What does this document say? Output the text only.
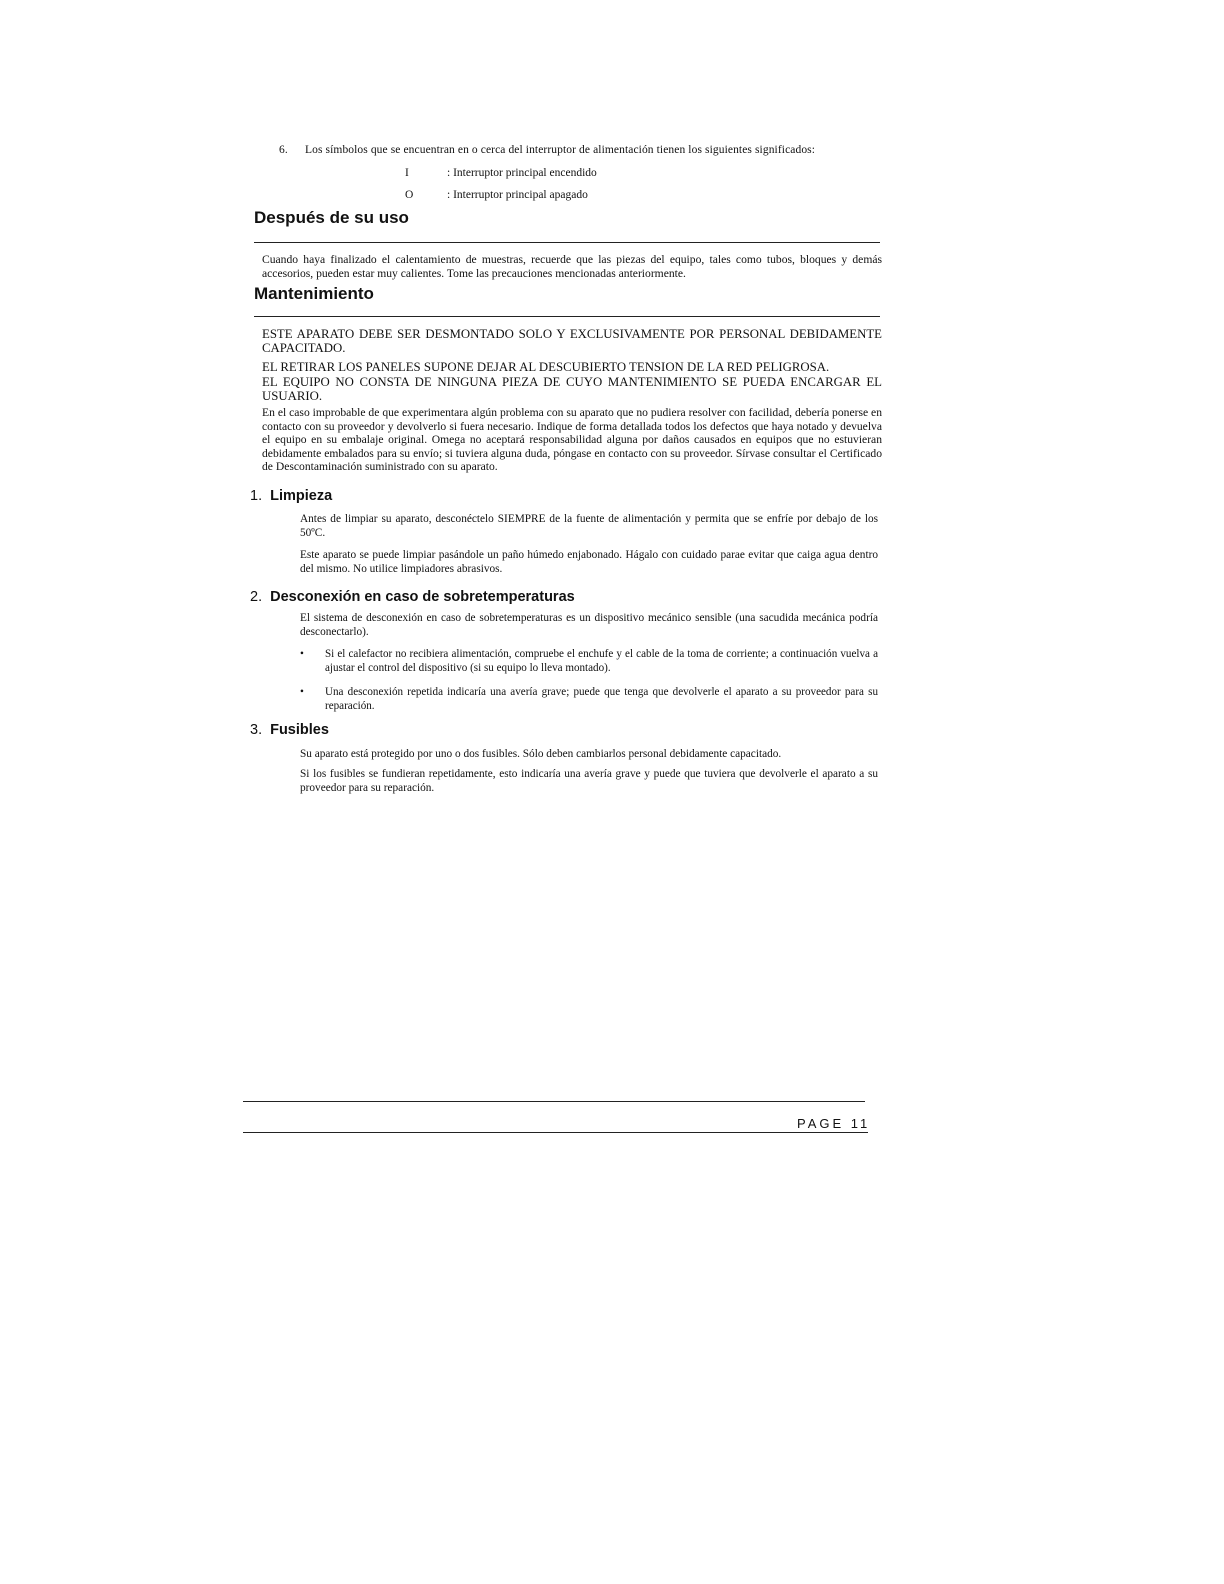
6. Los símbolos que se encuentran en o cerca del interruptor de alimentación tienen los siguientes significados:
I	: Interruptor principal encendido
O	: Interruptor principal apagado
Después de su uso
Cuando haya finalizado el calentamiento de muestras, recuerde que las piezas del equipo, tales como tubos, bloques y demás accesorios, pueden estar muy calientes. Tome las precauciones mencionadas anteriormente.
Mantenimiento
ESTE APARATO DEBE SER DESMONTADO SOLO Y EXCLUSIVAMENTE POR PERSONAL DEBIDAMENTE CAPACITADO.
EL RETIRAR LOS PANELES SUPONE DEJAR AL DESCUBIERTO TENSION DE LA RED PELIGROSA.
EL EQUIPO NO CONSTA DE NINGUNA PIEZA DE CUYO MANTENIMIENTO SE PUEDA ENCARGAR EL USUARIO.
En el caso improbable de que experimentara algún problema con su aparato que no pudiera resolver con facilidad, debería ponerse en contacto con su proveedor y devolverlo si fuera necesario. Indique de forma detallada todos los defectos que haya notado y devuelva el equipo en su embalaje original. Omega no aceptará responsabilidad alguna por daños causados en equipos que no estuvieran debidamente embalados para su envío; si tuviera alguna duda, póngase en contacto con su proveedor. Sírvase consultar el Certificado de Descontaminación suministrado con su aparato.
1. Limpieza
Antes de limpiar su aparato, desconéctelo SIEMPRE de la fuente de alimentación y permita que se enfríe por debajo de los 50ºC.
Este aparato se puede limpiar pasándole un paño húmedo enjabonado. Hágalo con cuidado parae evitar que caiga agua dentro del mismo. No utilice limpiadores abrasivos.
2. Desconexión en caso de sobretemperaturas
El sistema de desconexión en caso de sobretemperaturas es un dispositivo mecánico sensible (una sacudida mecánica podría desconectarlo).
• Si el calefactor no recibiera alimentación, compruebe el enchufe y el cable de la toma de corriente; a continuación vuelva a ajustar el control del dispositivo (si su equipo lo lleva montado).
• Una desconexión repetida indicaría una avería grave; puede que tenga que devolverle el aparato a su proveedor para su reparación.
3. Fusibles
Su aparato está protegido por uno o dos fusibles. Sólo deben cambiarlos personal debidamente capacitado.
Si los fusibles se fundieran repetidamente, esto indicaría una avería grave y puede que tuviera que devolverle el aparato a su proveedor para su reparación.
PAGE 11
